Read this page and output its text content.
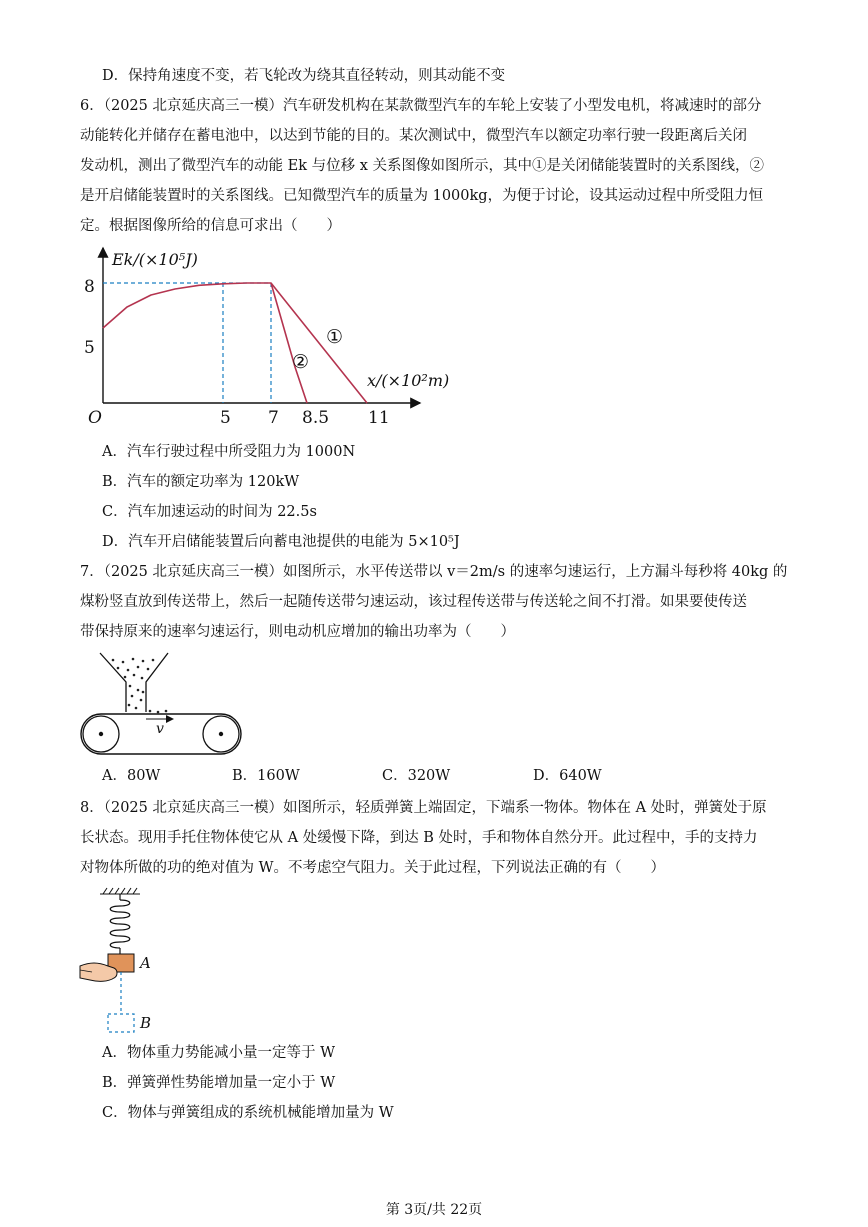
D．保持角速度不变，若飞轮改为绕其直径转动，则其动能不变
6．（2025 北京延庆高三一模）汽车研发机构在某款微型汽车的车轮上安装了小型发电机，将减速时的部分
动能转化并储存在蓄电池中，以达到节能的目的。某次测试中，微型汽车以额定功率行驶一段距离后关闭
发动机，测出了微型汽车的动能 Ek 与位移 x 关系图像如图所示，其中①是关闭储能装置时的关系图线，②
是开启储能装置时的关系图线。已知微型汽车的质量为 1000kg，为便于讨论，设其运动过程中所受阻力恒
定。根据图像所给的信息可求出（　　）
Ek/(×10⁵J)
x/(×10²m)
O
8
5
5 7 8.5 11
①
②
A．汽车行驶过程中所受阻力为 1000N
B．汽车的额定功率为 120kW
C．汽车加速运动的时间为 22.5s
D．汽车开启储能装置后向蓄电池提供的电能为 5×10⁵J
7．（2025 北京延庆高三一模）如图所示，水平传送带以 v＝2m/s 的速率匀速运行，上方漏斗每秒将 40kg 的
煤粉竖直放到传送带上，然后一起随传送带匀速运动，该过程传送带与传送轮之间不打滑。如果要使传送
带保持原来的速率匀速运行，则电动机应增加的输出功率为（　　）
v
A．80W	B．160W	C．320W	D．640W
8．（2025 北京延庆高三一模）如图所示，轻质弹簧上端固定，下端系一物体。物体在 A 处时，弹簧处于原
长状态。现用手托住物体使它从 A 处缓慢下降，到达 B 处时，手和物体自然分开。此过程中，手的支持力
对物体所做的功的绝对值为 W。不考虑空气阻力。关于此过程，下列说法正确的有（　　）
A
B
A．物体重力势能减小量一定等于 W
B．弹簧弹性势能增加量一定小于 W
C．物体与弹簧组成的系统机械能增加量为 W
第 3页/共 22页
